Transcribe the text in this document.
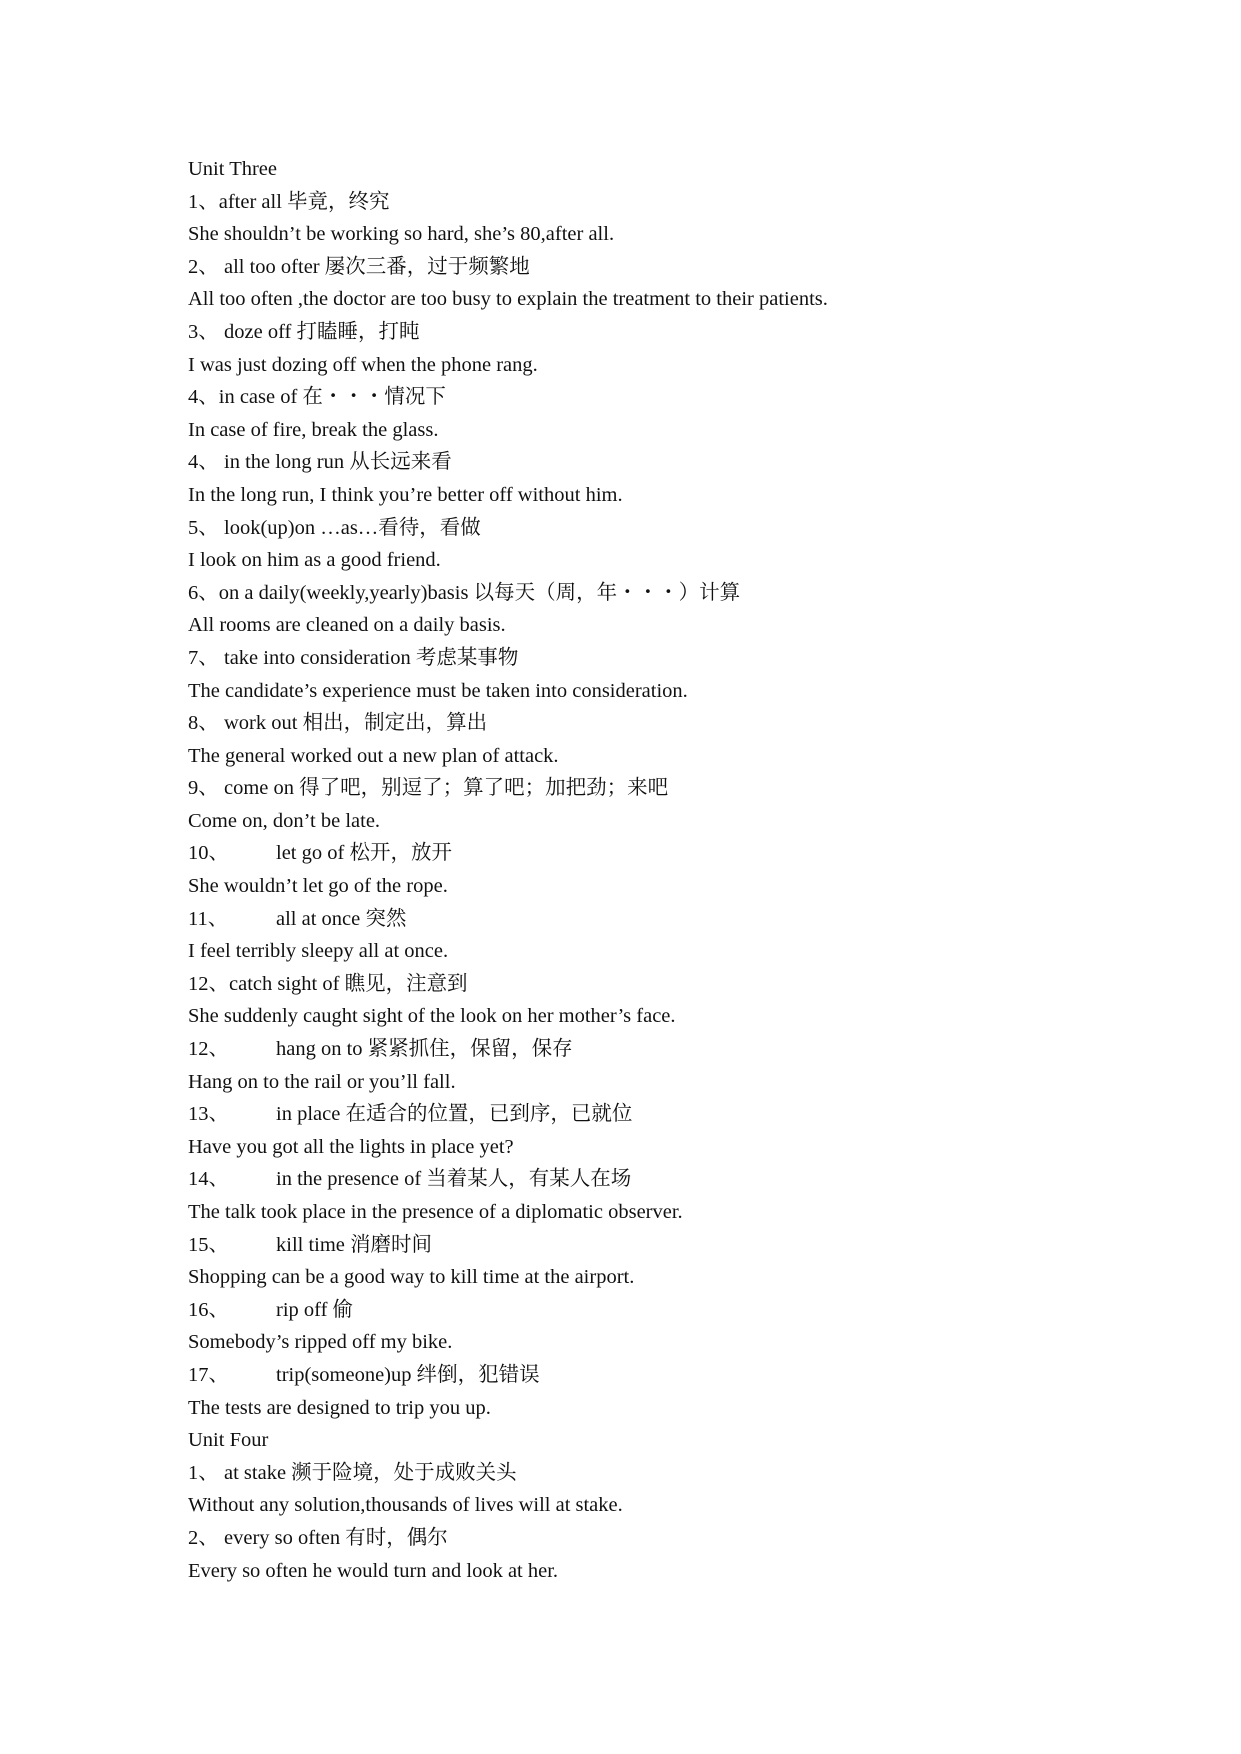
Unit Three
1、after all 毕竟，终究
She shouldn’t be working so hard, she’s 80,after all.
2、 all too ofter 屡次三番，过于频繁地
All too often ,the doctor are too busy to explain the treatment to their patients.
3、 doze off 打瞌睡，打盹
I was just dozing off when the phone rang.
4、in case of 在・・・情况下
In case of fire, break the glass.
4、 in the long run 从长远来看
In the long run, I think you’re better off without him.
5、 look(up)on …as…看待，看做
I look on him as a good friend.
6、on a daily(weekly,yearly)basis 以每天（周，年・・・）计算
All rooms are cleaned on a daily basis.
7、 take into consideration 考虑某事物
The candidate’s experience must be taken into consideration.
8、 work out 相出，制定出，算出
The general worked out a new plan of attack.
9、 come on 得了吧，别逗了；算了吧；加把劲；来吧
Come on, don’t be late.
10、 let go of 松开，放开
She wouldn’t let go of the rope.
11、 all at once 突然
I feel terribly sleepy all at once.
12、catch sight of 瞧见，注意到
She suddenly caught sight of the look on her mother’s face.
12、 hang on to 紧紧抓住，保留，保存
Hang on to the rail or you’ll fall.
13、 in place 在适合的位置，已到序，已就位
Have you got all the lights in place yet?
14、 in the presence of 当着某人，有某人在场
The talk took place in the presence of a diplomatic observer.
15、 kill time 消磨时间
Shopping can be a good way to kill time at the airport.
16、 rip off 偷
Somebody’s ripped off my bike.
17、 trip(someone)up 绊倒，犯错误
The tests are designed to trip you up.
Unit Four
1、 at stake 濒于险境，处于成败关头
Without any solution,thousands of lives will at stake.
2、 every so often 有时，偶尔
Every so often he would turn and look at her.
